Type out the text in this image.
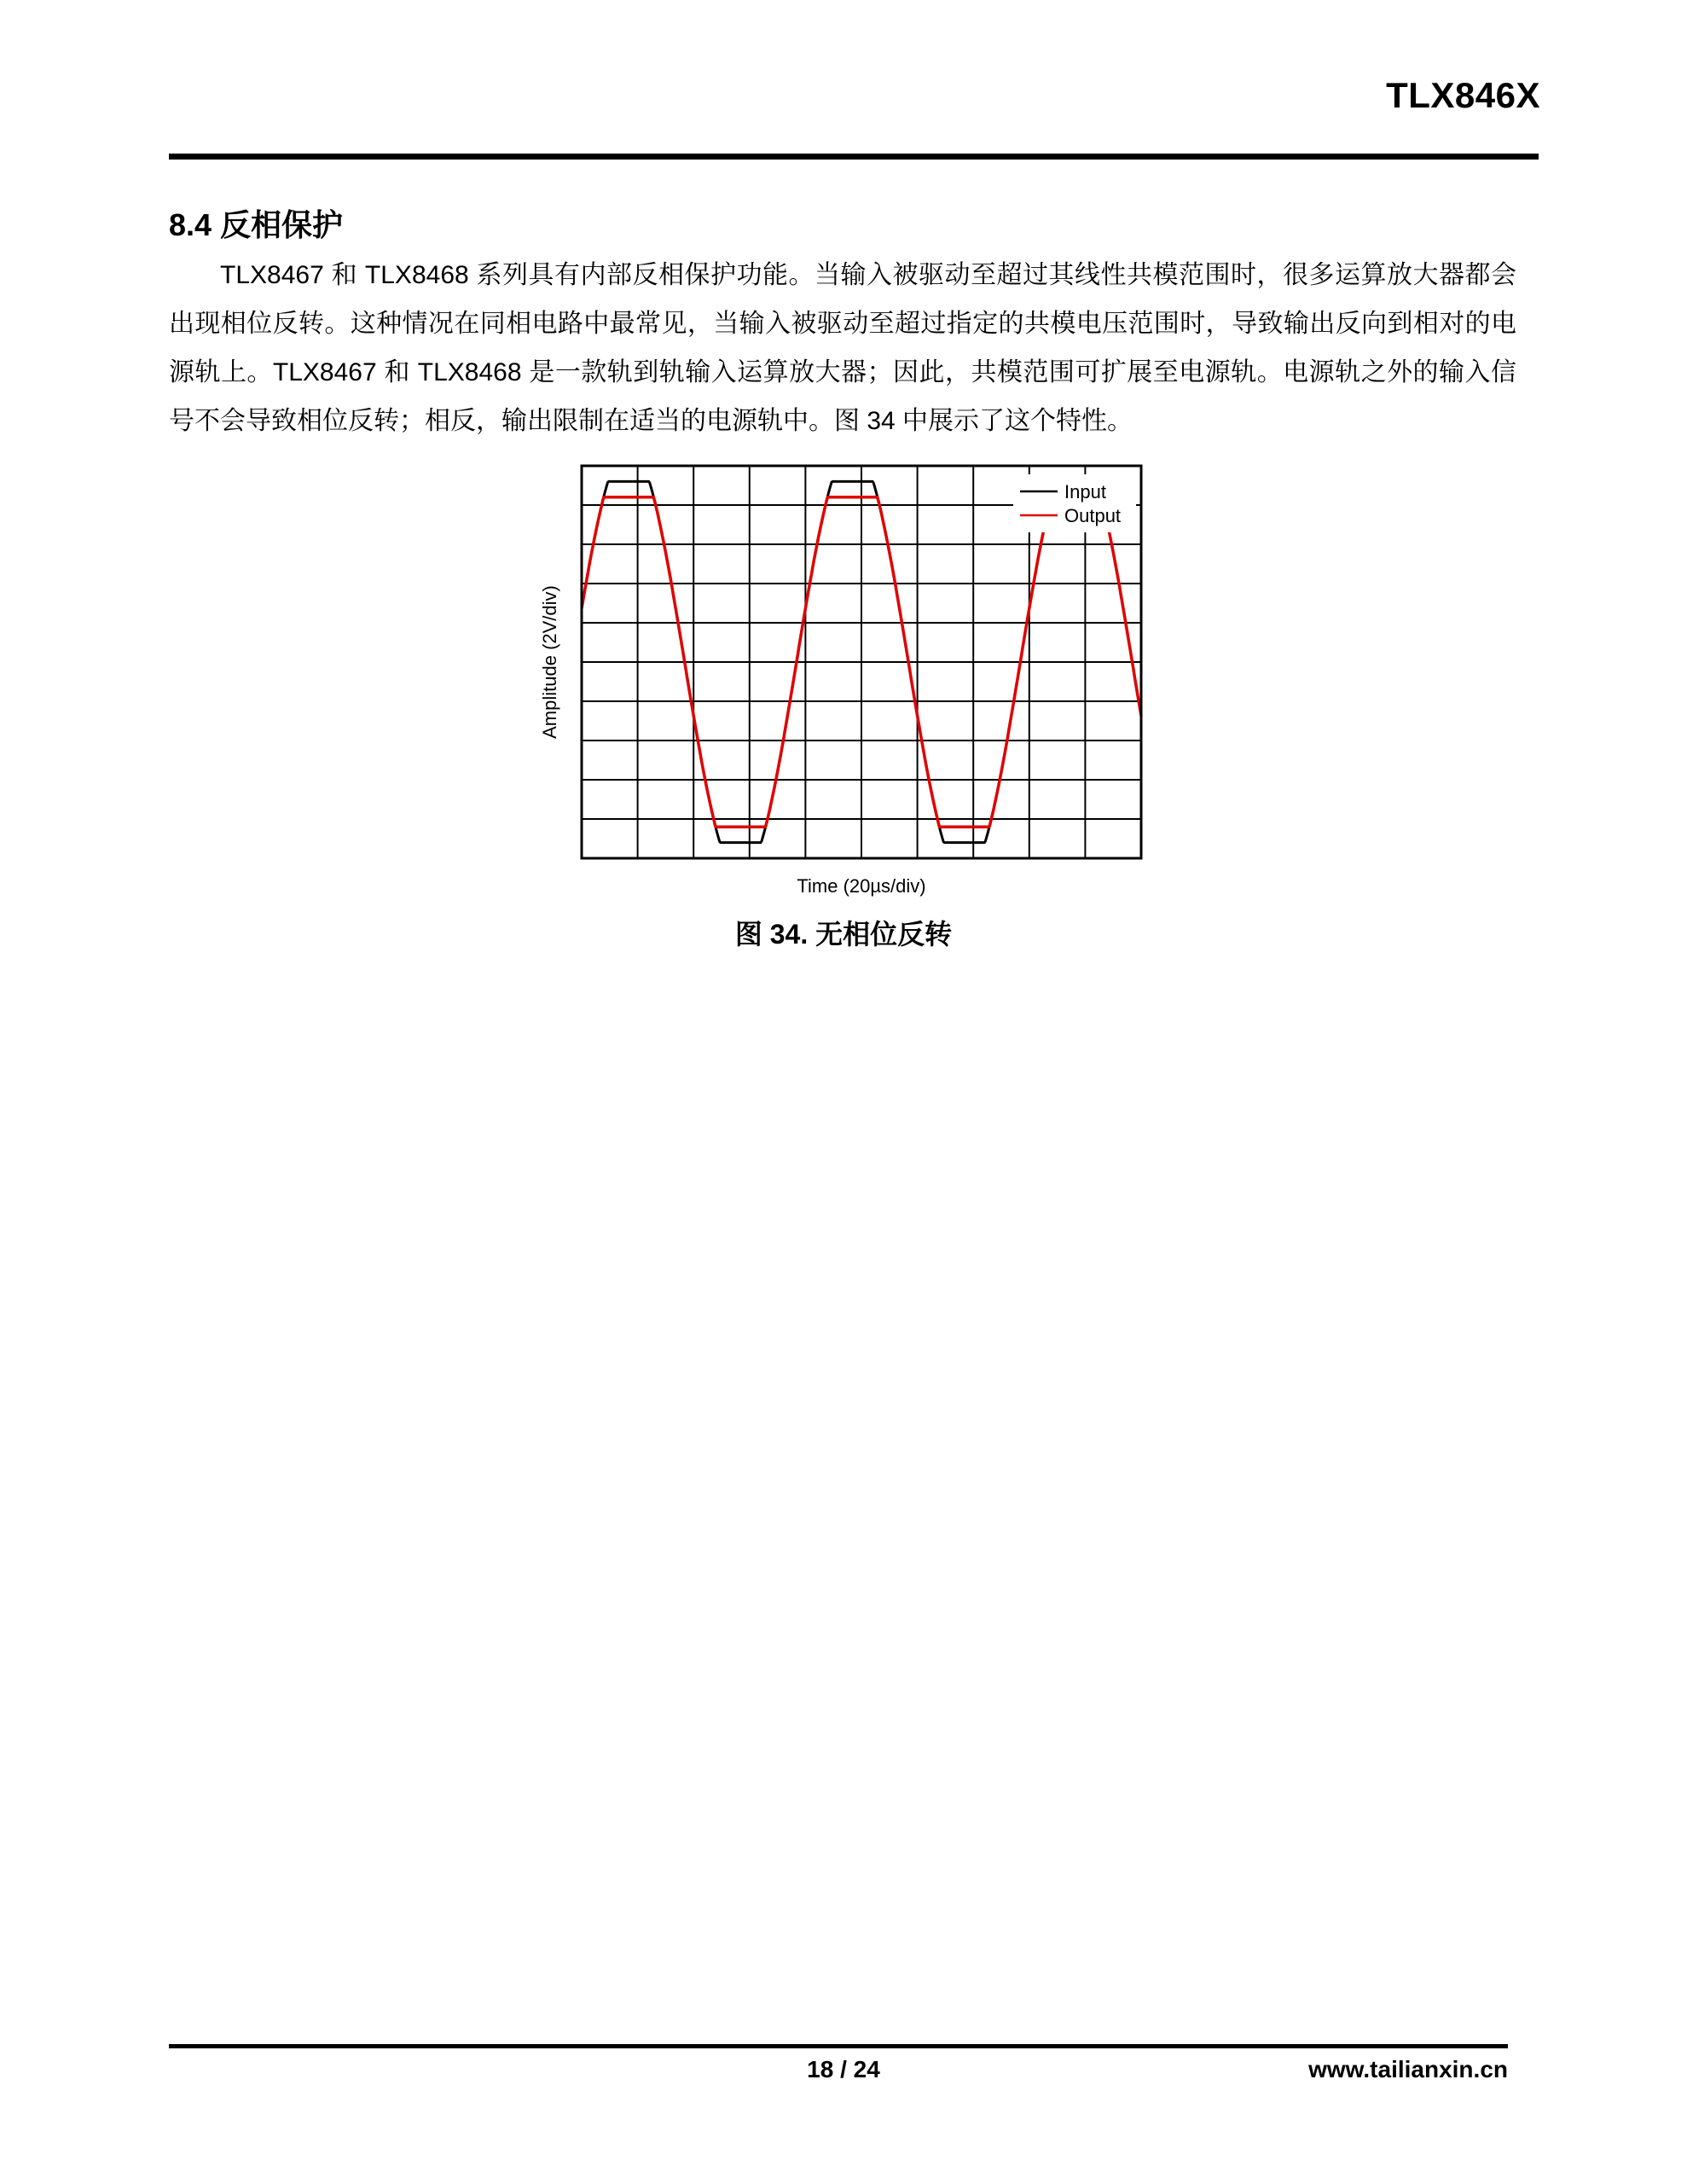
TLX846X
8.4 反相保护
TLX8467 和 TLX8468 系列具有内部反相保护功能。当输入被驱动至超过其线性共模范围时，很多运算放大器都会出现相位反转。这种情况在同相电路中最常见，当输入被驱动至超过指定的共模电压范围时，导致输出反向到相对的电源轨上。TLX8467 和 TLX8468 是一款轨到轨输入运算放大器；因此，共模范围可扩展至电源轨。电源轨之外的输入信号不会导致相位反转；相反，输出限制在适当的电源轨中。图 34 中展示了这个特性。
Input
Output
Amplitude (2V/div)
Time (20µs/div)
图 34. 无相位反转
18 / 24	www.tailianxin.cn
